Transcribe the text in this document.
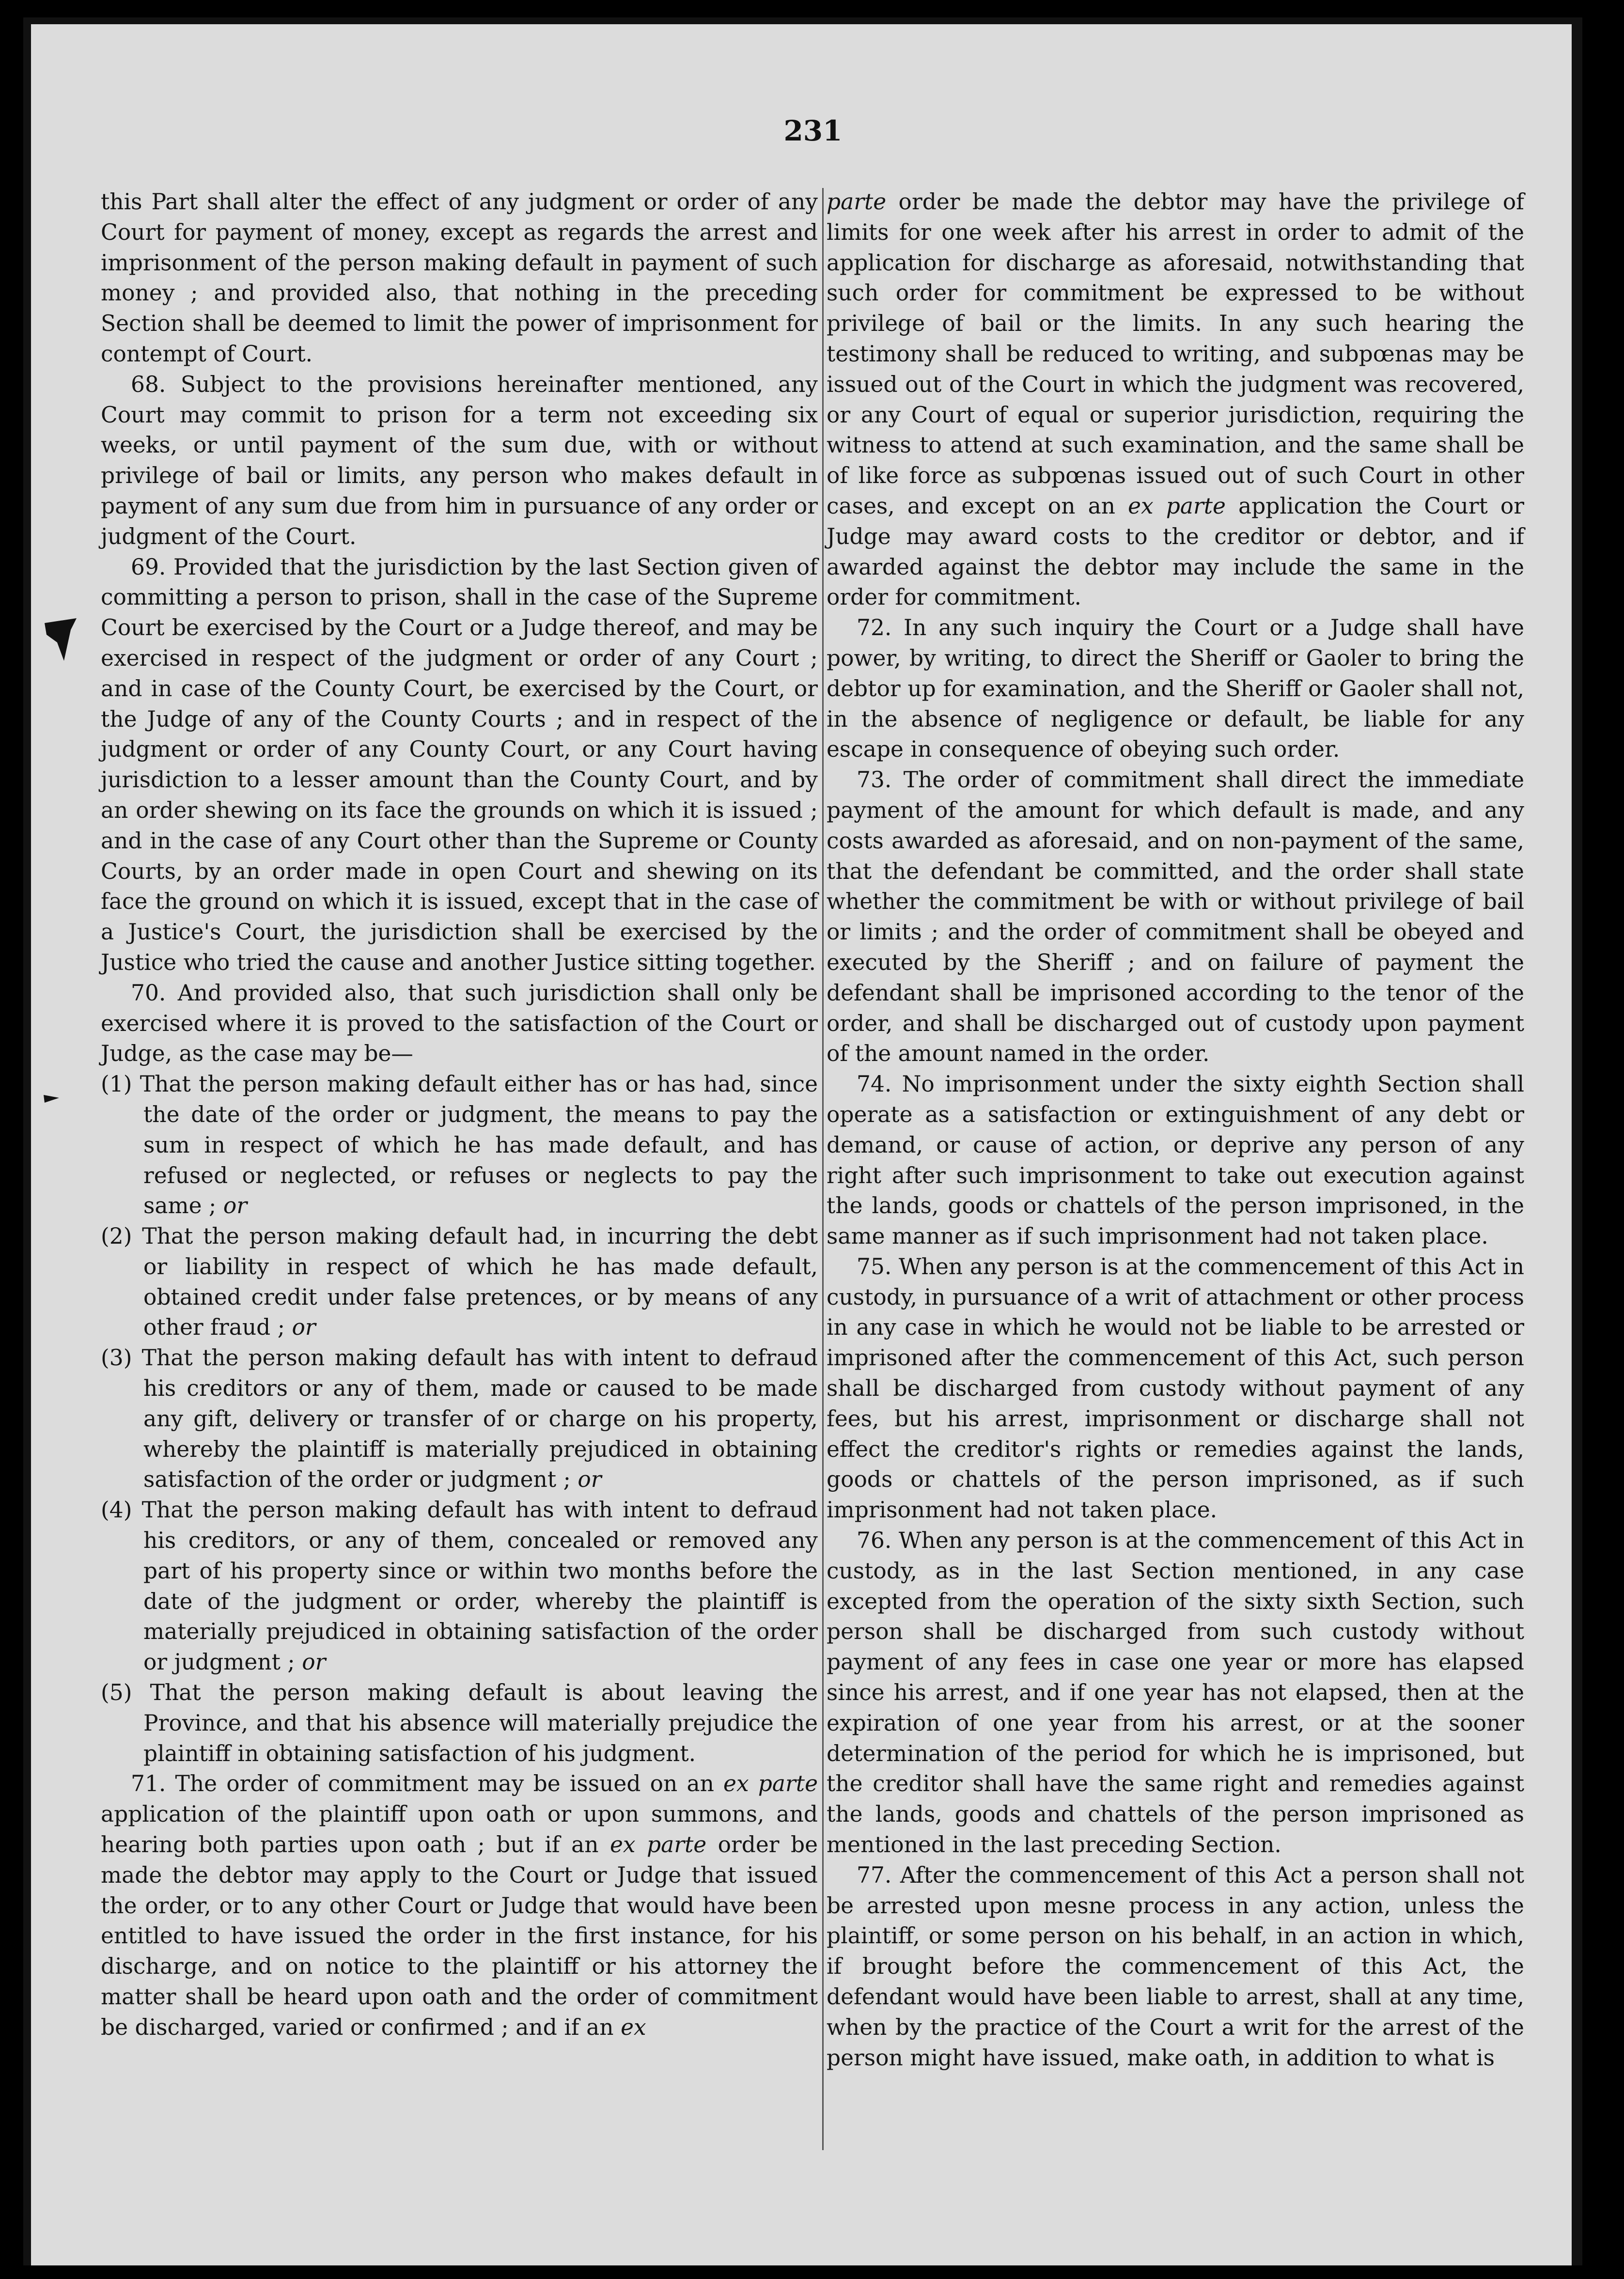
231

this Part shall alter the effect of any judgment or order of any Court for payment of money, except as regards the arrest and imprisonment of the person making default in payment of such money ; and provided also, that nothing in the preceding Section shall be deemed to limit the power of imprisonment for contempt of Court.

68. Subject to the provisions hereinafter mentioned, any Court may commit to prison for a term not exceeding six weeks, or until payment of the sum due, with or without privilege of bail or limits, any person who makes default in payment of any sum due from him in pursuance of any order or judgment of the Court.

69. Provided that the jurisdiction by the last Section given of committing a person to prison, shall in the case of the Supreme Court be exercised by the Court or a Judge thereof, and may be exercised in respect of the judgment or order of any Court ; and in case of the County Court, be exercised by the Court, or the Judge of any of the County Courts ; and in respect of the judgment or order of any County Court, or any Court having jurisdiction to a lesser amount than the County Court, and by an order shewing on its face the grounds on which it is issued ; and in the case of any Court other than the Supreme or County Courts, by an order made in open Court and shewing on its face the ground on which it is issued, except that in the case of a Justice's Court, the jurisdiction shall be exercised by the Justice who tried the cause and another Justice sitting together.

70. And provided also, that such jurisdiction shall only be exercised where it is proved to the satisfaction of the Court or Judge, as the case may be—

(1) That the person making default either has or has had, since the date of the order or judgment, the means to pay the sum in respect of which he has made default, and has refused or neglected, or refuses or neglects to pay the same ; or

(2) That the person making default had, in incurring the debt or liability in respect of which he has made default, obtained credit under false pretences, or by means of any other fraud ; or

(3) That the person making default has with intent to defraud his creditors or any of them, made or caused to be made any gift, delivery or transfer of or charge on his property, whereby the plaintiff is materially prejudiced in obtaining satisfaction of the order or judgment ; or

(4) That the person making default has with intent to defraud his creditors, or any of them, concealed or removed any part of his property since or within two months before the date of the judgment or order, whereby the plaintiff is materially prejudiced in obtaining satisfaction of the order or judgment ; or

(5) That the person making default is about leaving the Province, and that his absence will materially prejudice the plaintiff in obtaining satisfaction of his judgment.

71. The order of commitment may be issued on an ex parte application of the plaintiff upon oath or upon summons, and hearing both parties upon oath ; but if an ex parte order be made the debtor may apply to the Court or Judge that issued the order, or to any other Court or Judge that would have been entitled to have issued the order in the first instance, for his discharge, and on notice to the plaintiff or his attorney the matter shall be heard upon oath and the order of commitment be discharged, varied or confirmed ; and if an ex

parte order be made the debtor may have the privilege of limits for one week after his arrest in order to admit of the application for discharge as aforesaid, notwithstanding that such order for commitment be expressed to be without privilege of bail or the limits. In any such hearing the testimony shall be reduced to writing, and subpœnas may be issued out of the Court in which the judgment was recovered, or any Court of equal or superior jurisdiction, requiring the witness to attend at such examination, and the same shall be of like force as subpœnas issued out of such Court in other cases, and except on an ex parte application the Court or Judge may award costs to the creditor or debtor, and if awarded against the debtor may include the same in the order for commitment.

72. In any such inquiry the Court or a Judge shall have power, by writing, to direct the Sheriff or Gaoler to bring the debtor up for examination, and the Sheriff or Gaoler shall not, in the absence of negligence or default, be liable for any escape in consequence of obeying such order.

73. The order of commitment shall direct the immediate payment of the amount for which default is made, and any costs awarded as aforesaid, and on non-payment of the same, that the defendant be committed, and the order shall state whether the commitment be with or without privilege of bail or limits ; and the order of commitment shall be obeyed and executed by the Sheriff ; and on failure of payment the defendant shall be imprisoned according to the tenor of the order, and shall be discharged out of custody upon payment of the amount named in the order.

74. No imprisonment under the sixty eighth Section shall operate as a satisfaction or extinguishment of any debt or demand, or cause of action, or deprive any person of any right after such imprisonment to take out execution against the lands, goods or chattels of the person imprisoned, in the same manner as if such imprisonment had not taken place.

75. When any person is at the commencement of this Act in custody, in pursuance of a writ of attachment or other process in any case in which he would not be liable to be arrested or imprisoned after the commencement of this Act, such person shall be discharged from custody without payment of any fees, but his arrest, imprisonment or discharge shall not effect the creditor's rights or remedies against the lands, goods or chattels of the person imprisoned, as if such imprisonment had not taken place.

76. When any person is at the commencement of this Act in custody, as in the last Section mentioned, in any case excepted from the operation of the sixty sixth Section, such person shall be discharged from such custody without payment of any fees in case one year or more has elapsed since his arrest, and if one year has not elapsed, then at the expiration of one year from his arrest, or at the sooner determination of the period for which he is imprisoned, but the creditor shall have the same right and remedies against the lands, goods and chattels of the person imprisoned as mentioned in the last preceding Section.

77. After the commencement of this Act a person shall not be arrested upon mesne process in any action, unless the plaintiff, or some person on his behalf, in an action in which, if brought before the commencement of this Act, the defendant would have been liable to arrest, shall at any time, when by the practice of the Court a writ for the arrest of the person might have issued, make oath, in addition to what is
